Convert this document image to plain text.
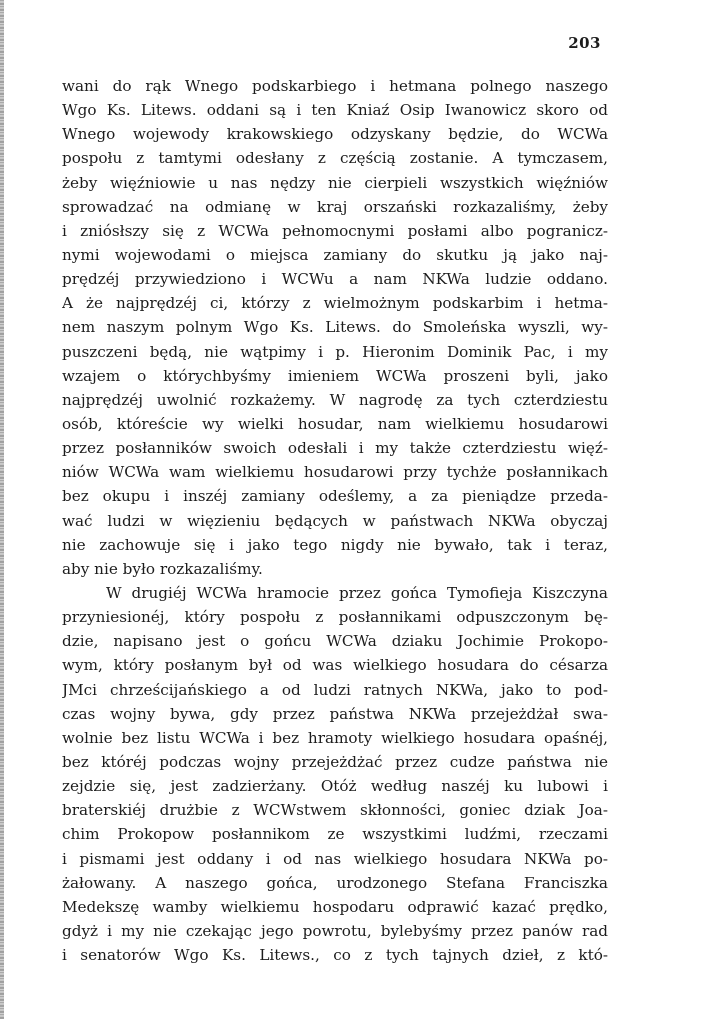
203
wani do rąk Wnego podskarbiego i hetmana polnego naszego
Wgo Ks. Litews. oddani są i ten Kniaź Osip Iwanowicz skoro od
Wnego wojewody krakowskiego odzyskany będzie, do WCWa
pospołu z tamtymi odesłany z częścią zostanie. A tymczasem,
żeby więźniowie u nas nędzy nie cierpieli wszystkich więźniów
sprowadzać na odmianę w kraj orszański rozkazaliśmy, żeby
i zniósłszy się z WCWa pełnomocnymi posłami albo pogranicz-
nymi wojewodami o miejsca zamiany do skutku ją jako naj-
prędzéj przywiedziono i WCWu a nam NKWa ludzie oddano.
A że najprędzéj ci, którzy z wielmożnym podskarbim i hetma-
nem naszym polnym Wgo Ks. Litews. do Smoleńska wyszli, wy-
puszczeni będą, nie wątpimy i p. Hieronim Dominik Pac, i my
wzajem o którychbyśmy imieniem WCWa proszeni byli, jako
najprędzéj uwolnić rozkażemy. W nagrodę za tych czterdziestu
osób, któreście wy wielki hosudar, nam wielkiemu hosudarowi
przez posłanników swoich odesłali i my także czterdziestu więź-
niów WCWa wam wielkiemu hosudarowi przy tychże posłannikach
bez okupu i inszéj zamiany odeślemy, a za pieniądze przeda-
wać ludzi w więzieniu będących w państwach NKWa obyczaj
nie zachowuje się i jako tego nigdy nie bywało, tak i teraz,
aby nie było rozkazaliśmy.
W drugiéj WCWa hramocie przez gońca Tymofieja Kiszczyna
przyniesionéj, który pospołu z posłannikami odpuszczonym bę-
dzie, napisano jest o gońcu WCWa dziaku Jochimie Prokopo-
wym, który posłanym był od was wielkiego hosudara do césarza
JMci chrześcijańskiego a od ludzi ratnych NKWa, jako to pod-
czas wojny bywa, gdy przez państwa NKWa przejeżdżał swa-
wolnie bez listu WCWa i bez hramoty wielkiego hosudara opaśnéj,
bez któréj podczas wojny przejeżdżać przez cudze państwa nie
zejdzie się, jest zadzierżany. Otóż według naszéj ku lubowi i
braterskiéj drużbie z WCWstwem skłonności, goniec dziak Joa-
chim Prokopow posłannikom ze wszystkimi ludźmi, rzeczami
i pismami jest oddany i od nas wielkiego hosudara NKWa po-
żałowany. A naszego gońca, urodzonego Stefana Franciszka
Medekszę wamby wielkiemu hospodaru odprawić kazać prędko,
gdyż i my nie czekając jego powrotu, bylebyśmy przez panów rad
i senatorów Wgo Ks. Litews., co z tych tajnych dzieł, z któ-
